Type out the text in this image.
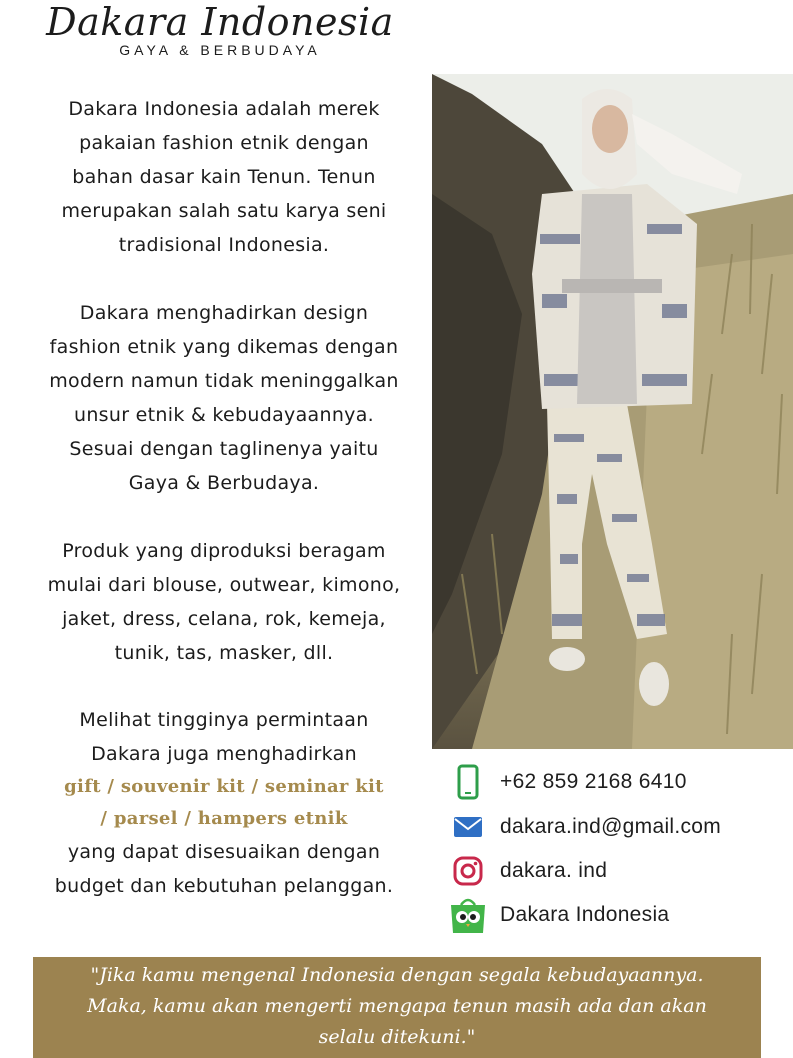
Dakara Indonesia
GAYA & BERBUDAYA

Dakara Indonesia adalah merek

pakaian fashion etnik dengan

bahan dasar kain Tenun. Tenun

merupakan salah satu karya seni

tradisional Indonesia.

Dakara menghadirkan design

fashion etnik yang dikemas dengan

modern namun tidak meninggalkan

unsur etnik & kebudayaannya.

Sesuai dengan taglinenya yaitu

Gaya & Berbudaya.

Produk yang diproduksi beragam

mulai dari blouse, outwear, kimono,

jaket, dress, celana, rok, kemeja,

tunik, tas, masker, dll.

Melihat tingginya permintaan

Dakara juga menghadirkan

gift / souvenir kit / seminar kit

/ parsel / hampers etnik

yang dapat disesuaikan dengan

budget dan kebutuhan pelanggan.

+62 859 2168 6410
dakara.ind@gmail.com
dakara. ind
Dakara Indonesia

"Jika kamu mengenal Indonesia dengan segala kebudayaannya.

Maka, kamu akan mengerti mengapa tenun masih ada dan akan

selalu ditekuni."
